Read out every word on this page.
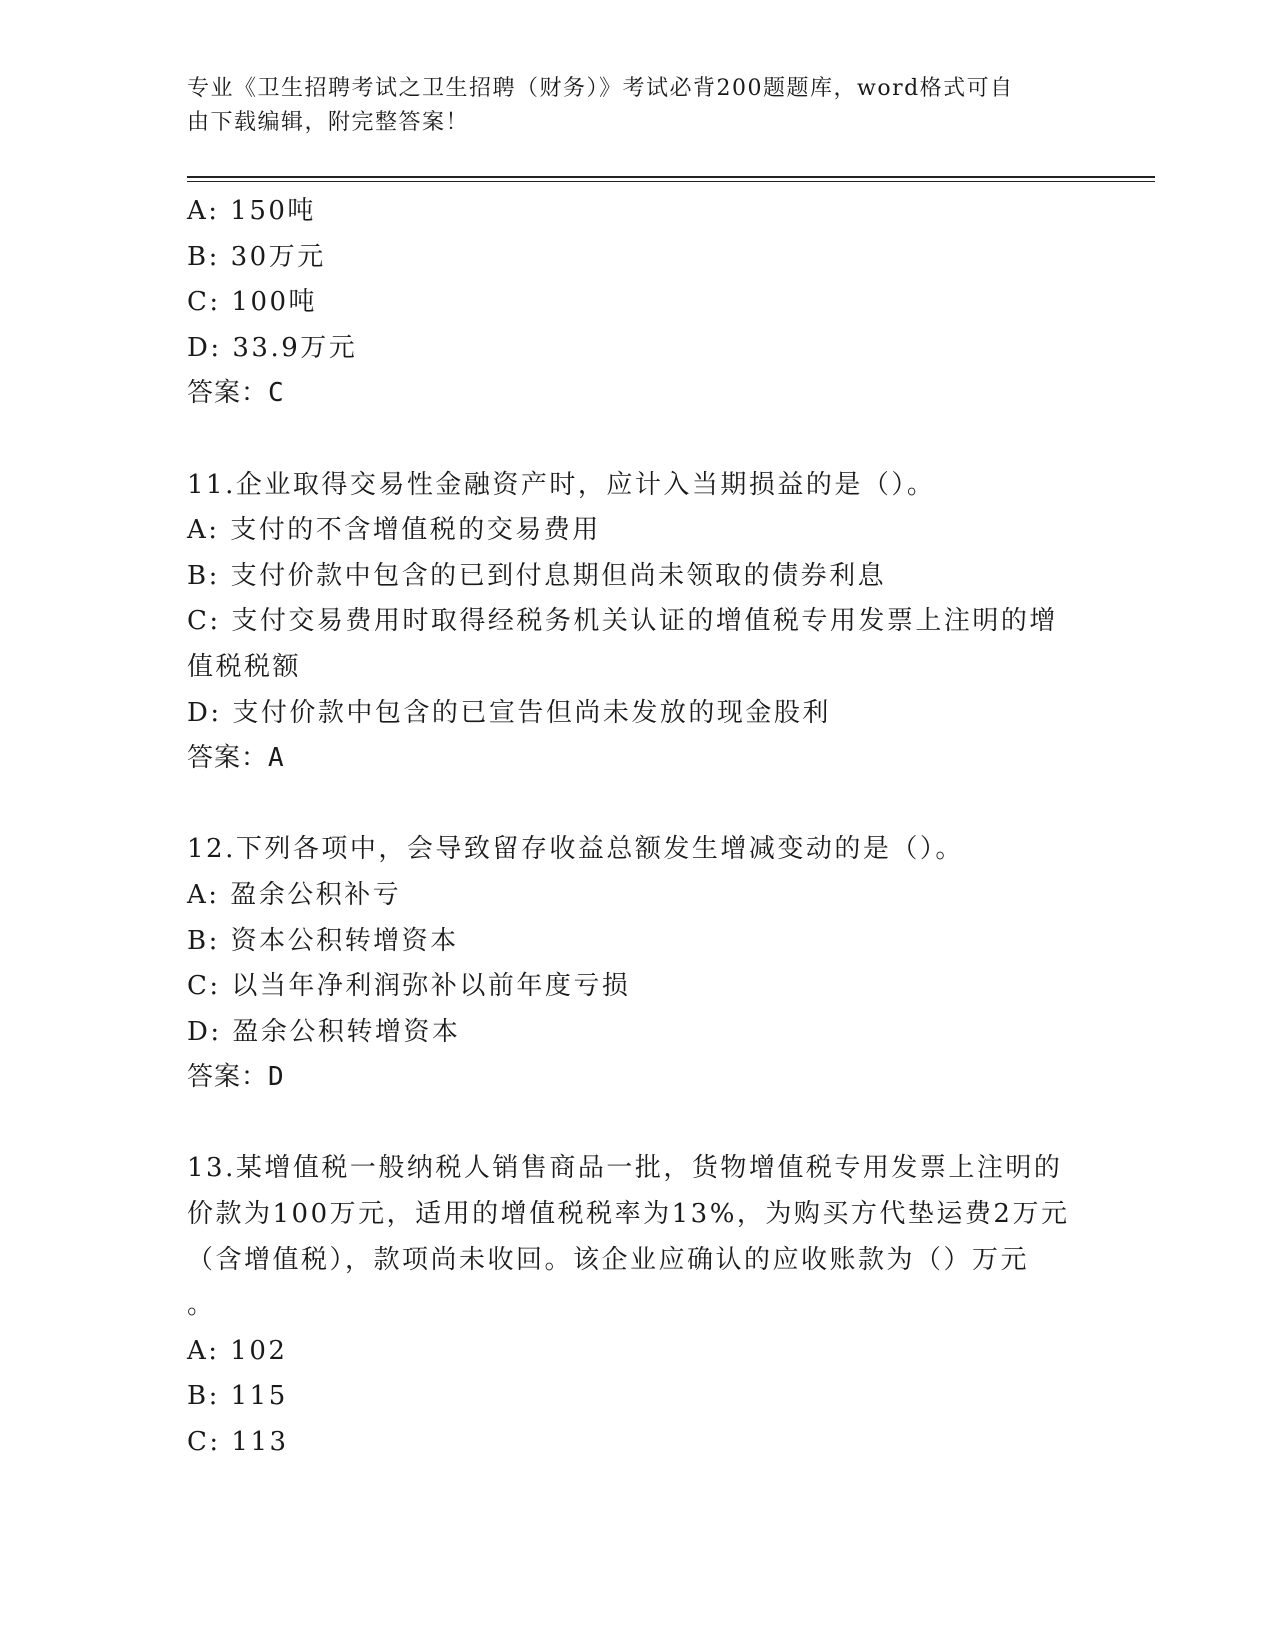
专业《卫生招聘考试之卫生招聘（财务）》考试必背200题题库，word格式可自
由下载编辑，附完整答案！

A: 150吨

B: 30万元

C: 100吨

D: 33.9万元

答案：C

11.企业取得交易性金融资产时，应计入当期损益的是（）。

A: 支付的不含增值税的交易费用

B: 支付价款中包含的已到付息期但尚未领取的债券利息

C: 支付交易费用时取得经税务机关认证的增值税专用发票上注明的增

值税税额

D: 支付价款中包含的已宣告但尚未发放的现金股利

答案：A

12.下列各项中，会导致留存收益总额发生增减变动的是（）。

A: 盈余公积补亏

B: 资本公积转增资本

C: 以当年净利润弥补以前年度亏损

D: 盈余公积转增资本

答案：D

13.某增值税一般纳税人销售商品一批，货物增值税专用发票上注明的

价款为100万元，适用的增值税税率为13%，为购买方代垫运费2万元

（含增值税），款项尚未收回。该企业应确认的应收账款为（）万元

。

A: 102

B: 115

C: 113
